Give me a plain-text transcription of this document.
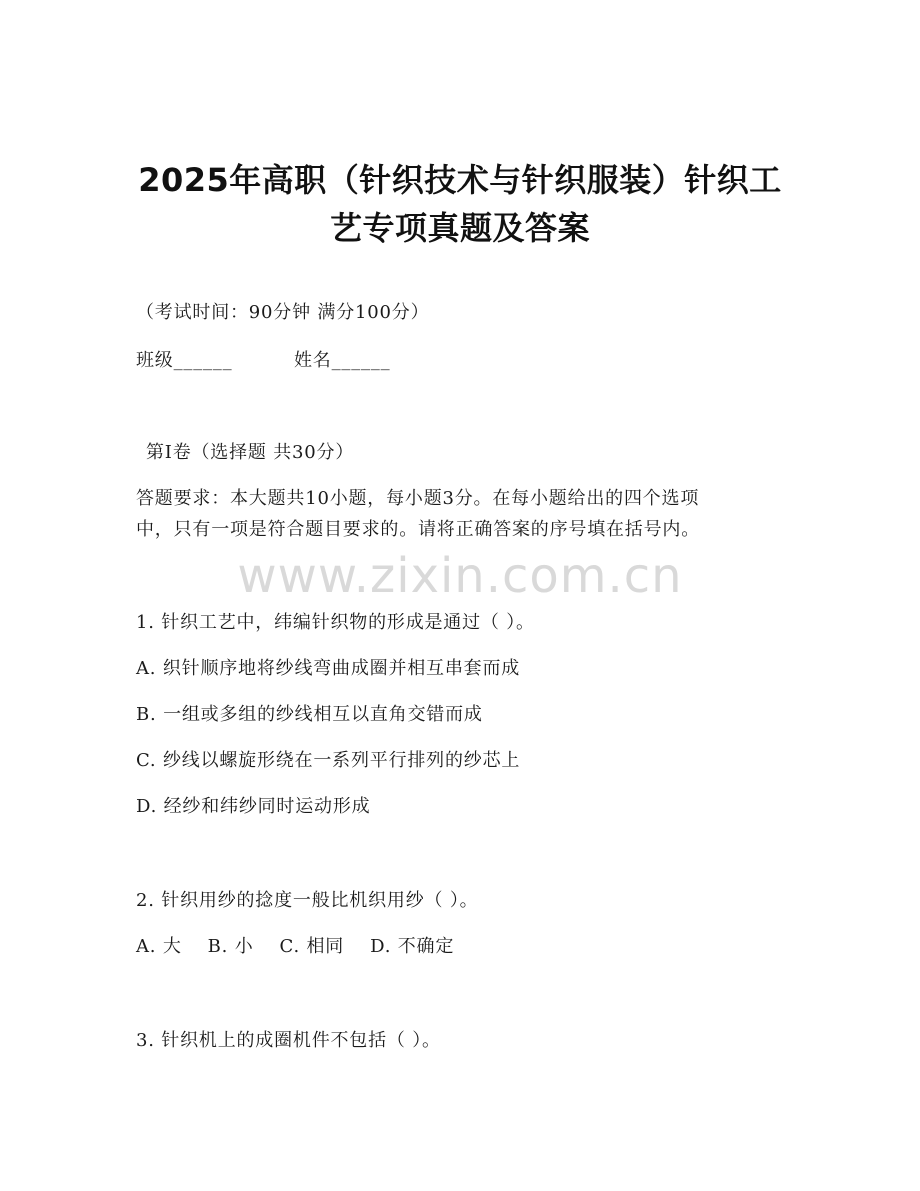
2025年高职（针织技术与针织服装）针织工
艺专项真题及答案
（考试时间：90分钟 满分100分）
班级______	姓名______
第Ⅰ卷（选择题 共30分）
答题要求：本大题共10小题，每小题3分。在每小题给出的四个选项
中，只有一项是符合题目要求的。请将正确答案的序号填在括号内。
www.zixin.com.cn
1. 针织工艺中，纬编针织物的形成是通过（ ）。
A. 织针顺序地将纱线弯曲成圈并相互串套而成
B. 一组或多组的纱线相互以直角交错而成
C. 纱线以螺旋形绕在一系列平行排列的纱芯上
D. 经纱和纬纱同时运动形成
2. 针织用纱的捻度一般比机织用纱（ ）。
A. 大 B. 小 C. 相同 D. 不确定
3. 针织机上的成圈机件不包括（ ）。
